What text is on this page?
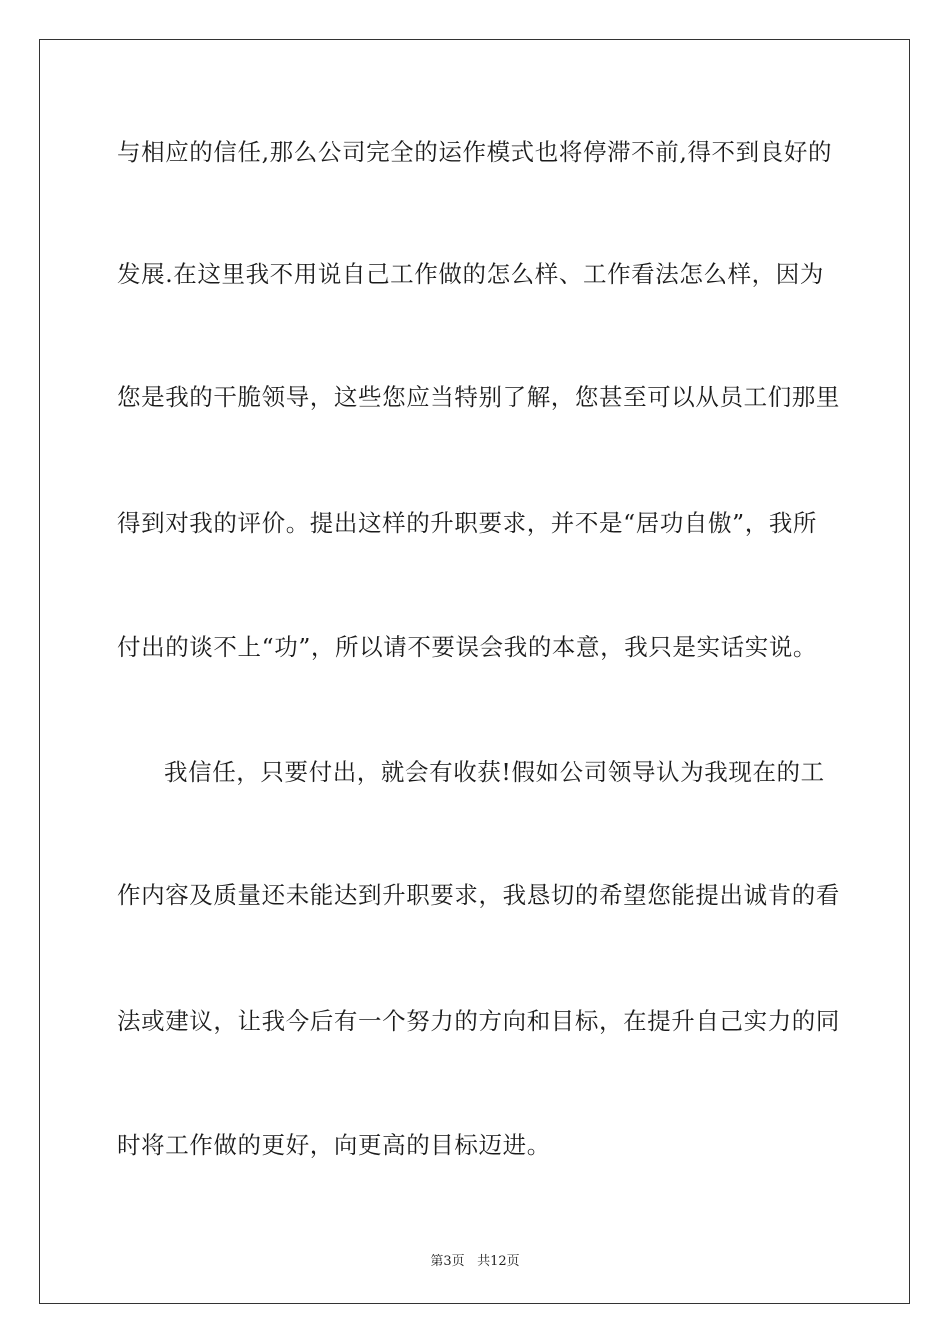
与相应的信任,那么公司完全的运作模式也将停滞不前,得不到良好的
发展.在这里我不用说自己工作做的怎么样、工作看法怎么样，因为
您是我的干脆领导，这些您应当特别了解，您甚至可以从员工们那里
得到对我的评价。提出这样的升职要求，并不是“居功自傲”，我所
付出的谈不上“功”，所以请不要误会我的本意，我只是实话实说。
我信任，只要付出，就会有收获!假如公司领导认为我现在的工
作内容及质量还未能达到升职要求，我恳切的希望您能提出诚肯的看
法或建议，让我今后有一个努力的方向和目标，在提升自己实力的同
时将工作做的更好，向更高的目标迈进。
第3页 共12页
